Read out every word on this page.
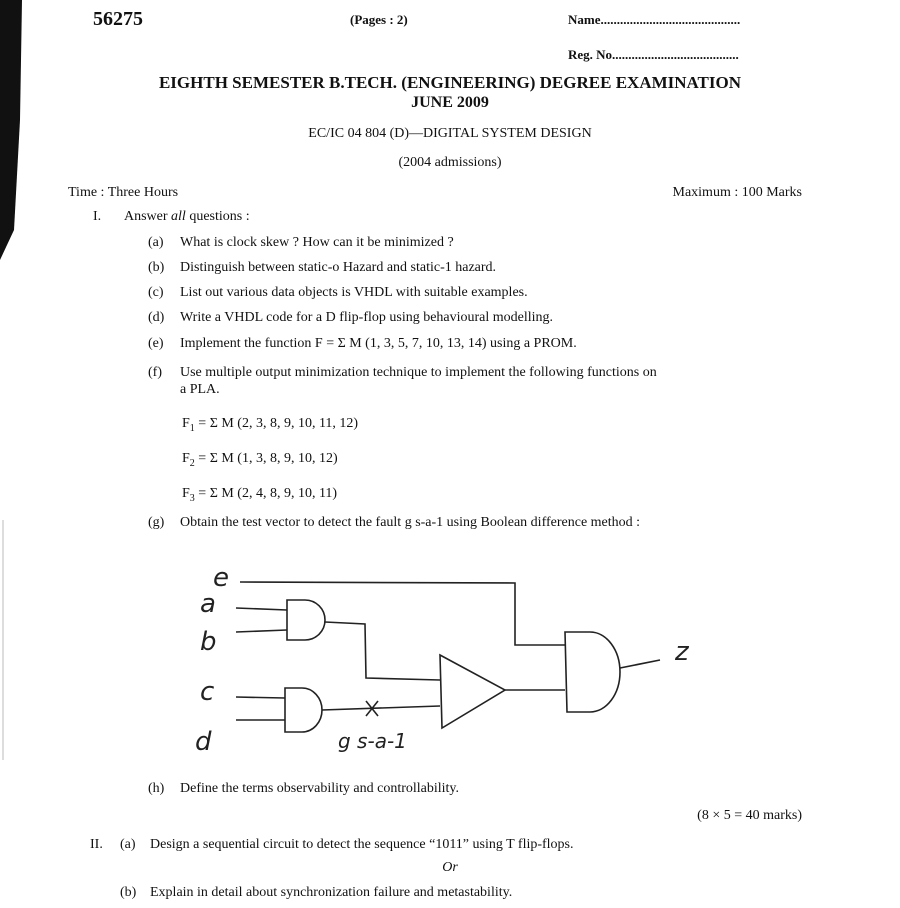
56275	(Pages : 2)	Name...........................................
Reg. No.......................................
EIGHTH SEMESTER B.TECH. (ENGINEERING) DEGREE EXAMINATION
JUNE 2009
EC/IC 04 804 (D)—DIGITAL SYSTEM DESIGN
(2004 admissions)
Time : Three Hours	Maximum : 100 Marks
I. Answer all questions :
(a) What is clock skew ? How can it be minimized ?
(b) Distinguish between static-o Hazard and static-1 hazard.
(c) List out various data objects is VHDL with suitable examples.
(d) Write a VHDL code for a D flip-flop using behavioural modelling.
(e) Implement the function F = Σ M (1, 3, 5, 7, 10, 13, 14) using a PROM.
(f) Use multiple output minimization technique to implement the following functions on
a PLA.
$F_1 = \Sigma$ M (2, 3, 8, 9, 10, 11, 12)
$F_2 = \Sigma$ M (1, 3, 8, 9, 10, 12)
$F_3 = \Sigma$ M (2, 4, 8, 9, 10, 11)
(g) Obtain the test vector to detect the fault g s-a-1 using Boolean difference method :
e
a
b
c
d
z
g s-a-1
(h) Define the terms observability and controllability.
(8 × 5 = 40 marks)
II. (a) Design a sequential circuit to detect the sequence “1011” using T flip-flops.
Or
(b) Explain in detail about synchronization failure and metastability.
